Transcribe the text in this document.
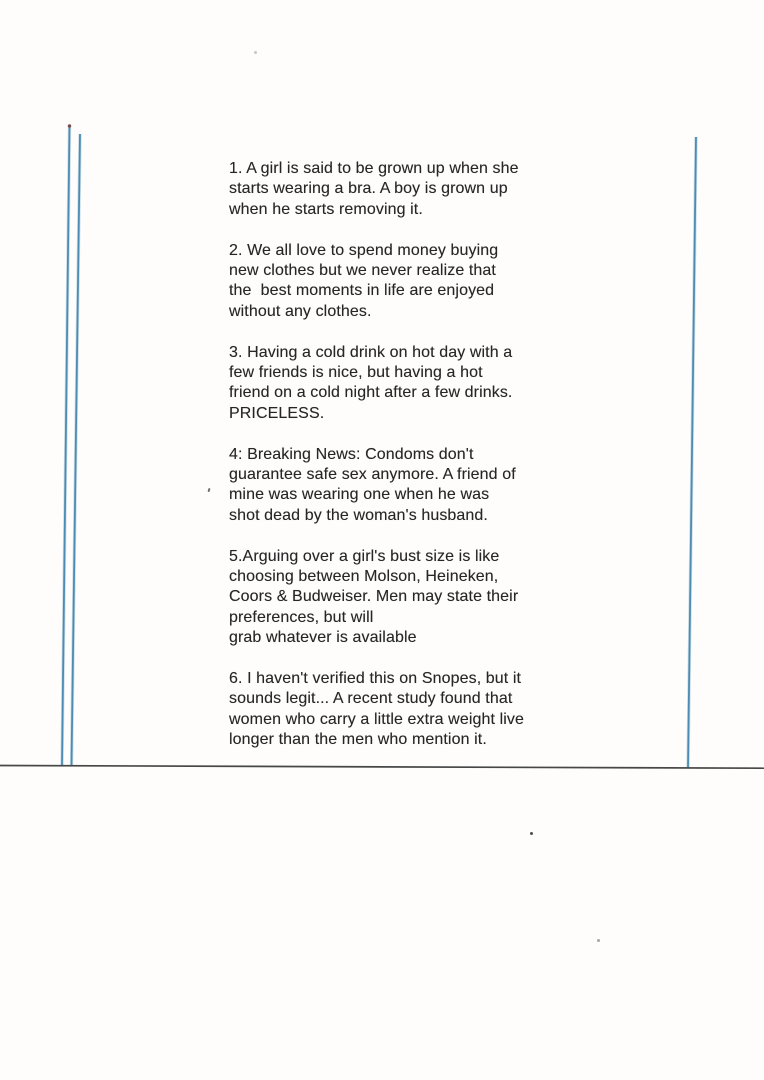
1. A girl is said to be grown up when she
starts wearing a bra. A boy is grown up
when he starts removing it.
2. We all love to spend money buying
new clothes but we never realize that
the  best moments in life are enjoyed
without any clothes.
3. Having a cold drink on hot day with a
few friends is nice, but having a hot
friend on a cold night after a few drinks.
PRICELESS.
4: Breaking News: Condoms don't
guarantee safe sex anymore. A friend of
mine was wearing one when he was
shot dead by the woman's husband.
5.Arguing over a girl's bust size is like
choosing between Molson, Heineken,
Coors & Budweiser. Men may state their
preferences, but will
grab whatever is available
6. I haven't verified this on Snopes, but it
sounds legit... A recent study found that
women who carry a little extra weight live
longer than the men who mention it.
